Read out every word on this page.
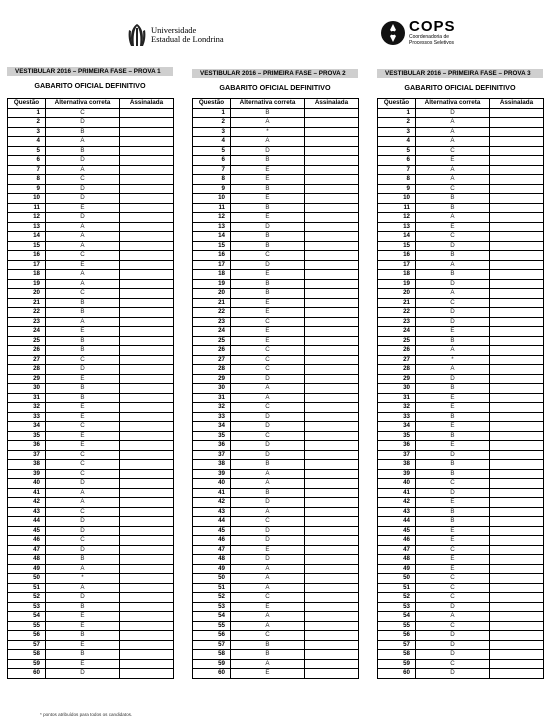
Universidade
Estadual de Londrina
COPS
Coordenadoria de
Processos Seletivos
VESTIBULAR 2016 – PRIMEIRA FASE – PROVA 1
GABARITO OFICIAL DEFINITIVO
Questão	Alternativa correta	Assinalada
1	C	
2	D	
3	B	
4	A	
5	B	
6	D	
7	A	
8	C	
9	D	
10	D	
11	E	
12	D	
13	A	
14	A	
15	A	
16	C	
17	E	
18	A	
19	A	
20	C	
21	B	
22	B	
23	A	
24	E	
25	B	
26	B	
27	C	
28	D	
29	E	
30	B	
31	B	
32	E	
33	E	
34	C	
35	E	
36	E	
37	C	
38	C	
39	C	
40	D	
41	A	
42	A	
43	C	
44	D	
45	D	
46	C	
47	D	
48	B	
49	A	
50	*	
51	A	
52	D	
53	B	
54	E	
55	E	
56	B	
57	E	
58	B	
59	E	
60	D	
VESTIBULAR 2016 – PRIMEIRA FASE – PROVA 2
GABARITO OFICIAL DEFINITIVO
Questão	Alternativa correta	Assinalada
1	B	
2	A	
3	*	
4	A	
5	D	
6	B	
7	E	
8	E	
9	B	
10	E	
11	B	
12	E	
13	D	
14	B	
15	B	
16	C	
17	D	
18	E	
19	B	
20	B	
21	E	
22	E	
23	C	
24	E	
25	E	
26	C	
27	C	
28	C	
29	D	
30	A	
31	A	
32	C	
33	D	
34	D	
35	C	
36	D	
37	D	
38	B	
39	A	
40	A	
41	B	
42	D	
43	A	
44	C	
45	D	
46	D	
47	E	
48	D	
49	A	
50	A	
51	A	
52	C	
53	E	
54	A	
55	A	
56	C	
57	B	
58	B	
59	A	
60	E	
VESTIBULAR 2016 – PRIMEIRA FASE – PROVA 3
GABARITO OFICIAL DEFINITIVO
Questão	Alternativa correta	Assinalada
1	D	
2	A	
3	A	
4	A	
5	C	
6	E	
7	A	
8	A	
9	C	
10	B	
11	B	
12	A	
13	E	
14	C	
15	D	
16	B	
17	A	
18	B	
19	D	
20	A	
21	C	
22	D	
23	D	
24	E	
25	B	
26	A	
27	*	
28	A	
29	D	
30	B	
31	E	
32	E	
33	B	
34	E	
35	B	
36	E	
37	D	
38	B	
39	B	
40	C	
41	D	
42	E	
43	B	
44	B	
45	E	
46	E	
47	C	
48	E	
49	E	
50	C	
51	C	
52	C	
53	D	
54	A	
55	C	
56	D	
57	D	
58	D	
59	C	
60	D	
* pontos atribuídos para todos os candidatos.
